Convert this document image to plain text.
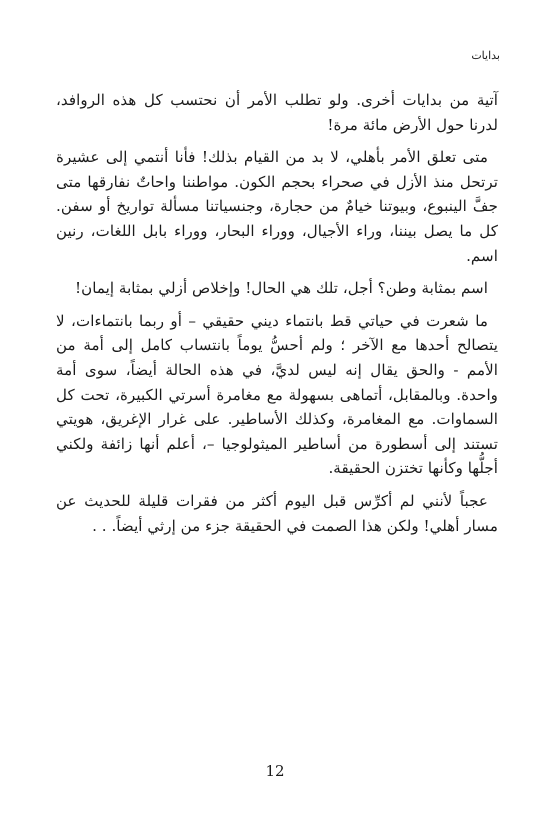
بدايات

آتية من بدايات أخرى. ولو تطلب الأمر أن نحتسب كل هذه الروافد، لدرنا حول الأرض مائة مرة!

متى تعلق الأمر بأهلي، لا بد من القيام بذلك! فأنا أنتمي إلى عشيرة ترتحل منذ الأزل في صحراء بحجم الكون. مواطننا واحاتٌ نفارقها متى جفَّ الينبوع، وبيوتنا خيامٌ من حجارة، وجنسياتنا مسألة تواريخ أو سفن. كل ما يصل بيننا، وراء الأجيال، ووراء البحار، ووراء بابل اللغات، رنين اسم.

اسم بمثابة وطن؟ أجل، تلك هي الحال! وإخلاص أزلي بمثابة إيمان!

ما شعرت في حياتي قط بانتماء ديني حقيقي – أو ربما بانتماءات، لا يتصالح أحدها مع الآخر ؛ ولم أحسُّ يوماً بانتساب كامل إلى أمة من الأمم - والحق يقال إنه ليس لديَّ، في هذه الحالة أيضاً، سوى أمة واحدة. وبالمقابل، أتماهى بسهولة مع مغامرة أسرتي الكبيرة، تحت كل السماوات. مع المغامرة، وكذلك الأساطير. على غرار الإغريق، هويتي تستند إلى أسطورة من أساطير الميثولوجيا –، أعلم أنها زائفة ولكني أجلُّها وكأنها تختزن الحقيقة.

عجباً لأنني لم أكرِّس قبل اليوم أكثر من فقرات قليلة للحديث عن مسار أهلي! ولكن هذا الصمت في الحقيقة جزء من إرثي أيضاً. . .

12
